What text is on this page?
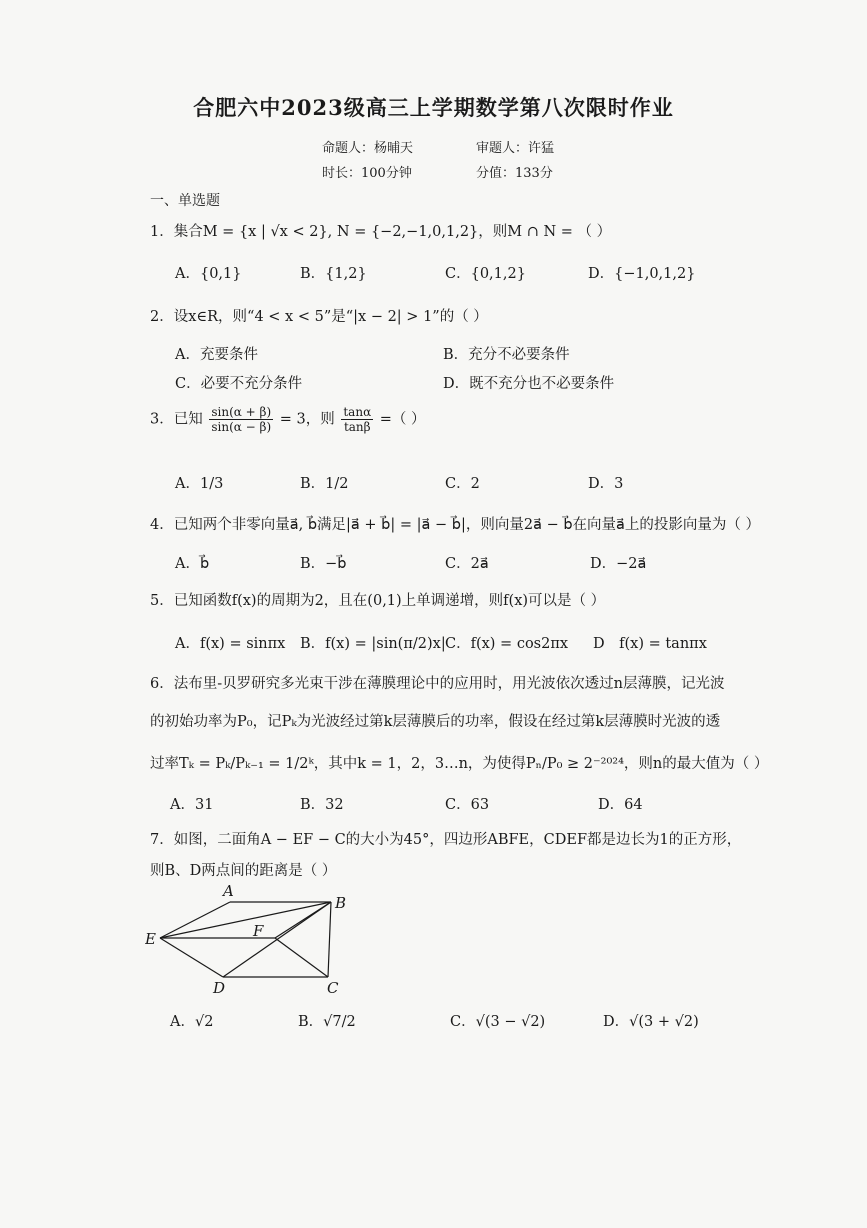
合肥六中2023级高三上学期数学第八次限时作业
命题人：杨晡天	审题人：许猛
时长：100分钟	分值：133分
一、单选题
1．集合M = {x | √x < 2}, N = {−2,−1,0,1,2}，则M ∩ N = （ ）
A．{0,1}	B．{1,2}	C．{0,1,2}	D．{−1,0,1,2}
2．设x∈R，则“4 < x < 5”是“|x − 2| > 1”的（ ）
A．充要条件	B．充分不必要条件
C．必要不充分条件	D．既不充分也不必要条件
3．已知 $\frac{\sin(\alpha + \beta)}{\sin(\alpha - \beta)} = 3$，则 $\frac{\tan\alpha}{\tan\beta}$ =（ ）
A．1/3	B．1/2	C．2	D．3
4．已知两个非零向量a⃗, b⃗满足|a⃗ + b⃗| = |a⃗ − b⃗|，则向量2a⃗ − b⃗在向量a⃗上的投影向量为（ ）
A．b⃗	B．−b⃗	C．2a⃗	D．−2a⃗
5．已知函数f(x)的周期为2，且在(0,1)上单调递增，则f(x)可以是（ ）
A．f(x) = sinπx B．f(x) = |sin(π/2)x| C．f(x) = cos2πx D　f(x) = tanπx
6．法布里-贝罗研究多光束干涉在薄膜理论中的应用时，用光波依次透过n层薄膜，记光波
的初始功率为P₀，记Pₖ为光波经过第k层薄膜后的功率，假设在经过第k层薄膜时光波的透
过率Tₖ = Pₖ/Pₖ₋₁ = 1/2ᵏ，其中k = 1，2，3…n，为使得Pₙ/P₀ ≥ 2⁻²⁰²⁴，则n的最大值为（ ）
A．31	B．32	C．63	D．64
7．如图，二面角A − EF − C的大小为45°，四边形ABFE，CDEF都是边长为1的正方形，
则B、D两点间的距离是（ ）
A
B
E	F
D	C
A．√2	B．√7/2	C．√(3 − √2)	D．√(3 + √2)
